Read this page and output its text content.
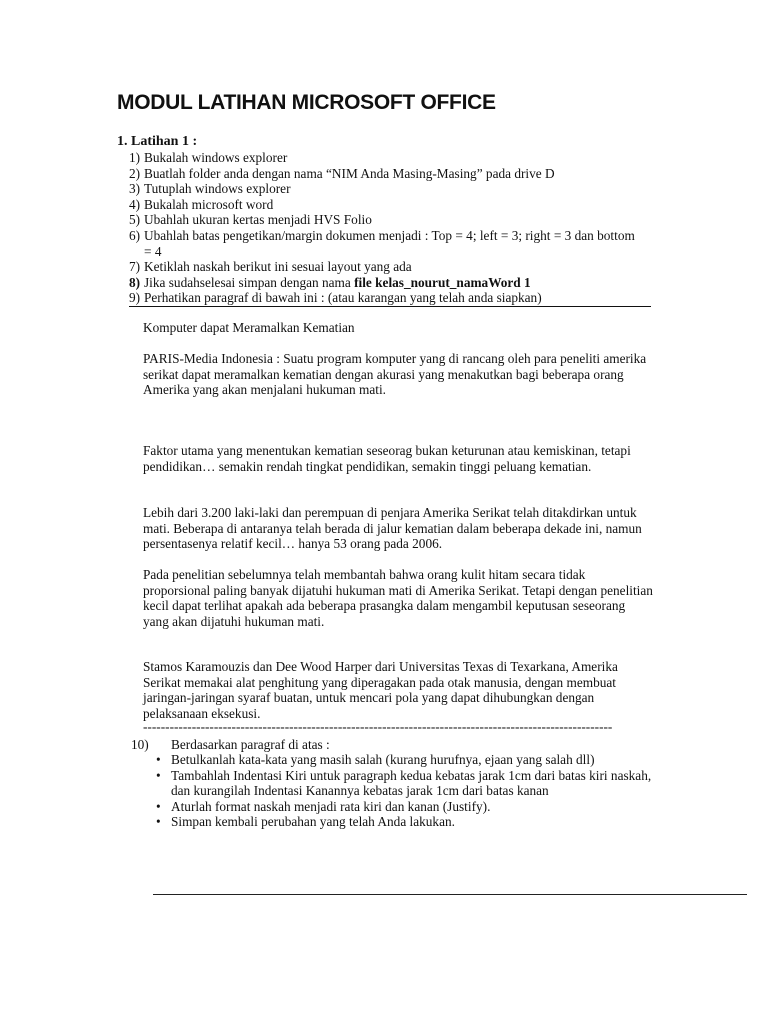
MODUL LATIHAN MICROSOFT OFFICE
1. Latihan 1 :
1) Bukalah windows explorer
2) Buatlah folder anda dengan nama “NIM Anda Masing-Masing” pada drive D
3) Tutuplah windows explorer
4) Bukalah microsoft word
5) Ubahlah ukuran kertas menjadi HVS Folio
6) Ubahlah batas pengetikan/margin dokumen menjadi : Top = 4; left = 3; right = 3 dan bottom = 4
7) Ketiklah naskah berikut ini sesuai layout yang ada
8) Jika sudahselesai simpan dengan nama file kelas_nourut_namaWord 1
9) Perhatikan paragraf di bawah ini : (atau karangan yang telah anda siapkan)
Komputer dapat Meramalkan Kematian
PARIS-Media Indonesia : Suatu program komputer yang di rancang oleh para peneliti amerika serikat dapat meramalkan kematian dengan akurasi yang menakutkan bagi beberapa orang Amerika yang akan menjalani hukuman mati.
Faktor utama yang menentukan kematian seseorag bukan keturunan atau kemiskinan, tetapi pendidikan… semakin rendah tingkat pendidikan, semakin tinggi peluang kematian.
Lebih dari 3.200 laki-laki dan perempuan di penjara Amerika Serikat telah ditakdirkan untuk mati. Beberapa di antaranya telah berada di jalur kematian dalam beberapa dekade ini, namun persentasenya relatif kecil… hanya 53 orang pada 2006.
Pada penelitian sebelumnya telah membantah bahwa orang kulit hitam secara tidak proporsional paling banyak dijatuhi hukuman mati di Amerika Serikat. Tetapi dengan penelitian kecil dapat terlihat apakah ada beberapa prasangka dalam mengambil keputusan seseorang yang akan dijatuhi hukuman mati.
Stamos Karamouzis dan Dee Wood Harper dari Universitas Texas di Texarkana, Amerika Serikat memakai alat penghitung yang diperagakan pada otak manusia, dengan membuat jaringan-jaringan syaraf buatan, untuk mencari pola yang dapat dihubungkan dengan pelaksanaan eksekusi.
----------------------------------------------------------------------------------------------------------
10) Berdasarkan paragraf di atas :
• Betulkanlah kata-kata yang masih salah (kurang hurufnya, ejaan yang salah dll)
• Tambahlah Indentasi Kiri untuk paragraph kedua kebatas jarak 1cm dari batas kiri naskah, dan kurangilah Indentasi Kanannya kebatas jarak 1cm dari batas kanan
• Aturlah format naskah menjadi rata kiri dan kanan (Justify).
• Simpan kembali perubahan yang telah Anda lakukan.
